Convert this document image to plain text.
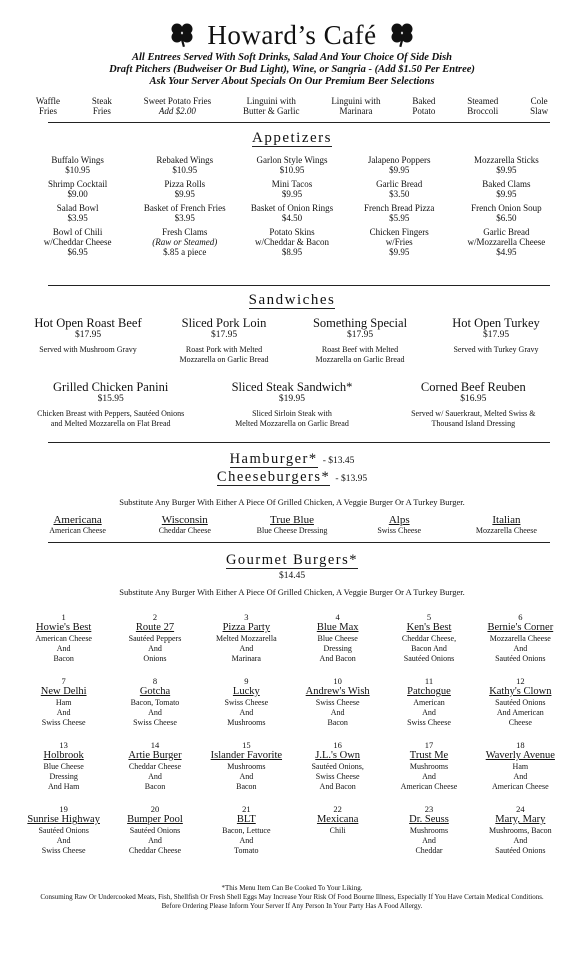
Howard’s Café
All Entrees Served With Soft Drinks, Salad And Your Choice Of Side Dish
Draft Pitchers (Budweiser Or Bud Light), Wine, or Sangria - (Add $1.50 Per Entree)
Ask Your Server About Specials On Our Premium Beer Selections
Waffle
Fries
Steak
Fries
Sweet Potato Fries
Add $2.00
Linguini with
Butter & Garlic
Linguini with
Marinara
Baked
Potato
Steamed
Broccoli
Cole
Slaw
Appetizers
Buffalo Wings
$10.95
Rebaked Wings
$10.95
Garlon Style Wings
$10.95
Jalapeno Poppers
$9.95
Mozzarella Sticks
$9.95
Shrimp Cocktail
$9.00
Pizza Rolls
$9.95
Mini Tacos
$9.95
Garlic Bread
$3.50
Baked Clams
$9.95
Salad Bowl
$3.95
Basket of French Fries
$3.95
Basket of Onion Rings
$4.50
French Bread Pizza
$5.95
French Onion Soup
$6.50
Bowl of Chili
w/Cheddar Cheese
$6.95
Fresh Clams
(Raw or Steamed)
$.85 a piece
Potato Skins
w/Cheddar & Bacon
$8.95
Chicken Fingers
w/Fries
$9.95
Garlic Bread
w/Mozzarella Cheese
$4.95
Sandwiches
Hot Open Roast Beef
$17.95
Served with Mushroom Gravy
Sliced Pork Loin
$17.95
Roast Pork with Melted
Mozzarella on Garlic Bread
Something Special
$17.95
Roast Beef with Melted
Mozzarella on Garlic Bread
Hot Open Turkey
$17.95
Served with Turkey Gravy
Grilled Chicken Panini
$15.95
Chicken Breast with Peppers, Sautéed Onions
and Melted Mozzarella on Flat Bread
Sliced Steak Sandwich*
$19.95
Sliced Sirloin Steak with
Melted Mozzarella on Garlic Bread
Corned Beef Reuben
$16.95
Served w/ Sauerkraut, Melted Swiss &
Thousand Island Dressing
Hamburger* - $13.45
Cheeseburgers* - $13.95
Substitute Any Burger With Either A Piece Of Grilled Chicken, A Veggie Burger Or A Turkey Burger.
Americana
American Cheese
Wisconsin
Cheddar Cheese
True Blue
Blue Cheese Dressing
Alps
Swiss Cheese
Italian
Mozzarella Cheese
Gourmet Burgers*
$14.45
Substitute Any Burger With Either A Piece Of Grilled Chicken, A Veggie Burger Or A Turkey Burger.
1
Howie's Best
American Cheese
And
Bacon
2
Route 27
Sautéed Peppers
And
Onions
3
Pizza Party
Melted Mozzarella
And
Marinara
4
Blue Max
Blue Cheese
Dressing
And Bacon
5
Ken's Best
Cheddar Cheese,
Bacon And
Sautéed Onions
6
Bernie's Corner
Mozzarella Cheese
And
Sautéed Onions
7
New Delhi
Ham
And
Swiss Cheese
8
Gotcha
Bacon, Tomato
And
Swiss Cheese
9
Lucky
Swiss Cheese
And
Mushrooms
10
Andrew's Wish
Swiss Cheese
And
Bacon
11
Patchogue
American
And
Swiss Cheese
12
Kathy's Clown
Sautéed Onions
And American
Cheese
13
Holbrook
Blue Cheese
Dressing
And Ham
14
Artie Burger
Cheddar Cheese
And
Bacon
15
Islander Favorite
Mushrooms
And
Bacon
16
J.L.'s Own
Sautéed Onions,
Swiss Cheese
And Bacon
17
Trust Me
Mushrooms
And
American Cheese
18
Waverly Avenue
Ham
And
American Cheese
19
Sunrise Highway
Sautéed Onions
And
Swiss Cheese
20
Bumper Pool
Sautéed Onions
And
Cheddar Cheese
21
BLT
Bacon, Lettuce
And
Tomato
22
Mexicana
Chili
23
Dr. Seuss
Mushrooms
And
Cheddar
24
Mary, Mary
Mushrooms, Bacon
And
Sautéed Onions
*This Menu Item Can Be Cooked To Your Liking.
Consuming Raw Or Undercooked Meats, Fish, Shellfish Or Fresh Shell Eggs May Increase Your Risk Of Food Bourne Illness, Especially If You Have Certain Medical Conditions.
Before Ordering Please Inform Your Server If Any Person In Your Party Has A Food Allergy.
